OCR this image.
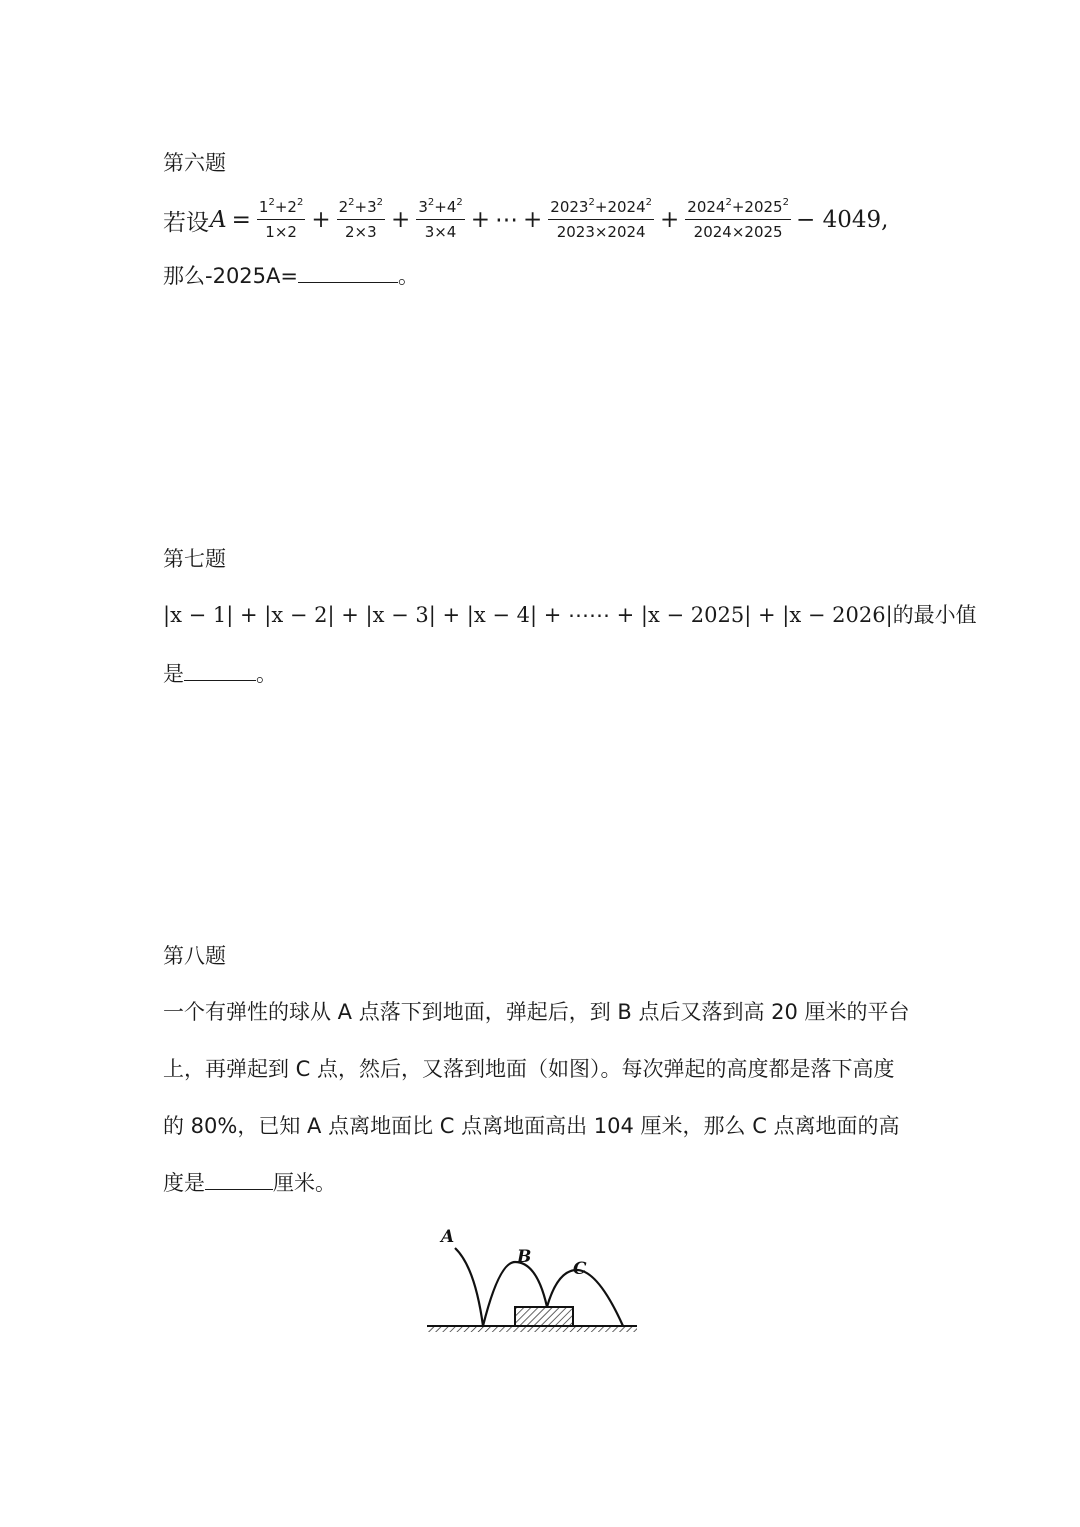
第六题
若设 $A = \frac{1^2+2^2}{1\times 2} + \frac{2^2+3^2}{2\times 3} + \frac{3^2+4^2}{3\times 4}$ + ⋯ + $\frac{2023^2+2024^2}{2023\times 2024} + \frac{2024^2+2025^2}{2024\times 2025} - 4049$,
那么-2025A=	。
第七题
|x − 1| + |x − 2| + |x − 3| + |x − 4| + ⋯⋯ + |x − 2025| + |x − 2026|的最小值
是	。
第八题
一个有弹性的球从 A 点落下到地面，弹起后，到 B 点后又落到高 20 厘米的平台
上，再弹起到 C 点，然后，又落到地面（如图）。每次弹起的高度都是落下高度
的 80%，已知 A 点离地面比 C 点离地面高出 104 厘米，那么 C 点离地面的高
度是	厘米。
A
B
C
